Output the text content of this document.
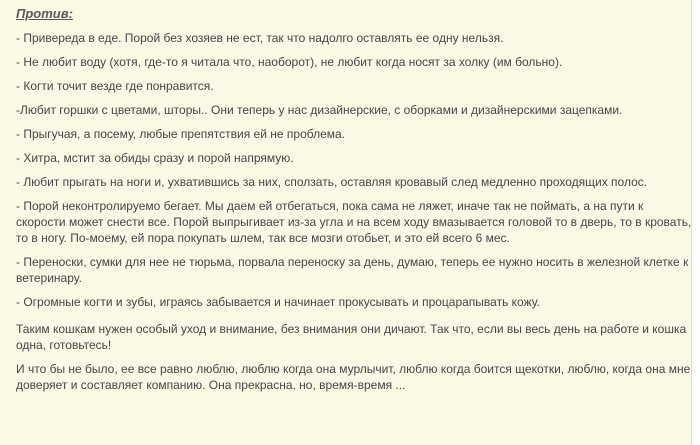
Против:
- Привереда в еде. Порой без хозяев не ест, так что надолго оставлять ее одну нельзя.
- Не любит воду (хотя, где-то я читала что, наоборот), не любит когда носят за холку (им больно).
- Когти точит везде где понравится.
-Любит горшки с цветами, шторы.. Они теперь у нас дизайнерские, с оборками и дизайнерскими зацепками.
- Прыгучая, а посему, любые препятствия ей не проблема.
- Хитра, мстит за обиды сразу и порой напрямую.
- Любит прыгать на ноги и, ухватившись за них, сползать, оставляя кровавый след медленно проходящих полос.
- Порой неконтролируемо бегает. Мы даем ей отбегаться, пока сама не ляжет, иначе так не поймать, а на пути к скорости может снести все. Порой выпрыгивает из-за угла и на всем ходу вмазывается головой то в дверь, то в кровать, то в ногу. По-моему, ей пора покупать шлем, так все мозги отобьет, и это ей всего 6 мес.
- Переноски, сумки для нее не тюрьма, порвала переноску за день, думаю, теперь ее нужно носить в железной клетке к ветеринару.
- Огромные когти и зубы, играясь забывается и начинает прокусывать и процарапывать кожу.
Таким кошкам нужен особый уход и внимание, без внимания они дичают. Так что, если вы весь день на работе и кошка одна, готовьтесь!
И что бы не было, ее все равно люблю, люблю когда она мурлычит, люблю когда боится щекотки, люблю, когда она мне доверяет и составляет компанию. Она прекрасна, но, время-время ...
